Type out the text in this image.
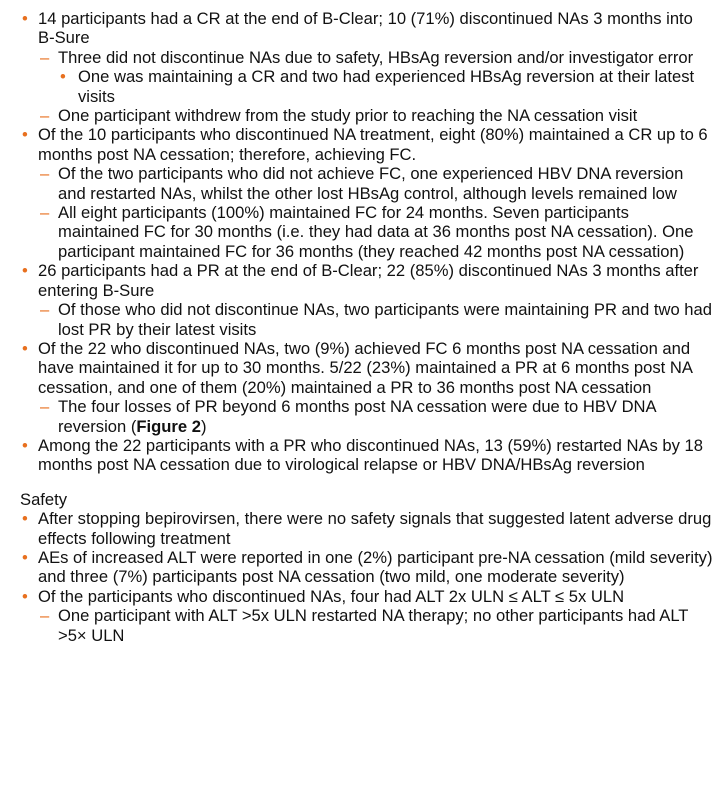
• 14 participants had a CR at the end of B-Clear; 10 (71%) discontinued NAs 3 months into B-Sure
– Three did not discontinue NAs due to safety, HBsAg reversion and/or investigator error
• One was maintaining a CR and two had experienced HBsAg reversion at their latest visits
– One participant withdrew from the study prior to reaching the NA cessation visit
• Of the 10 participants who discontinued NA treatment, eight (80%) maintained a CR up to 6 months post NA cessation; therefore, achieving FC.
– Of the two participants who did not achieve FC, one experienced HBV DNA reversion and restarted NAs, whilst the other lost HBsAg control, although levels remained low
– All eight participants (100%) maintained FC for 24 months. Seven participants maintained FC for 30 months (i.e. they had data at 36 months post NA cessation). One participant maintained FC for 36 months (they reached 42 months post NA cessation)
• 26 participants had a PR at the end of B-Clear; 22 (85%) discontinued NAs 3 months after entering B-Sure
– Of those who did not discontinue NAs, two participants were maintaining PR and two had lost PR by their latest visits
• Of the 22 who discontinued NAs, two (9%) achieved FC 6 months post NA cessation and have maintained it for up to 30 months. 5/22 (23%) maintained a PR at 6 months post NA cessation, and one of them (20%) maintained a PR to 36 months post NA cessation
– The four losses of PR beyond 6 months post NA cessation were due to HBV DNA reversion (Figure 2)
• Among the 22 participants with a PR who discontinued NAs, 13 (59%) restarted NAs by 18 months post NA cessation due to virological relapse or HBV DNA/HBsAg reversion
Safety
• After stopping bepirovirsen, there were no safety signals that suggested latent adverse drug effects following treatment
• AEs of increased ALT were reported in one (2%) participant pre-NA cessation (mild severity) and three (7%) participants post NA cessation (two mild, one moderate severity)
• Of the participants who discontinued NAs, four had ALT 2x ULN ≤ ALT ≤ 5x ULN
– One participant with ALT >5x ULN restarted NA therapy; no other participants had ALT >5× ULN
